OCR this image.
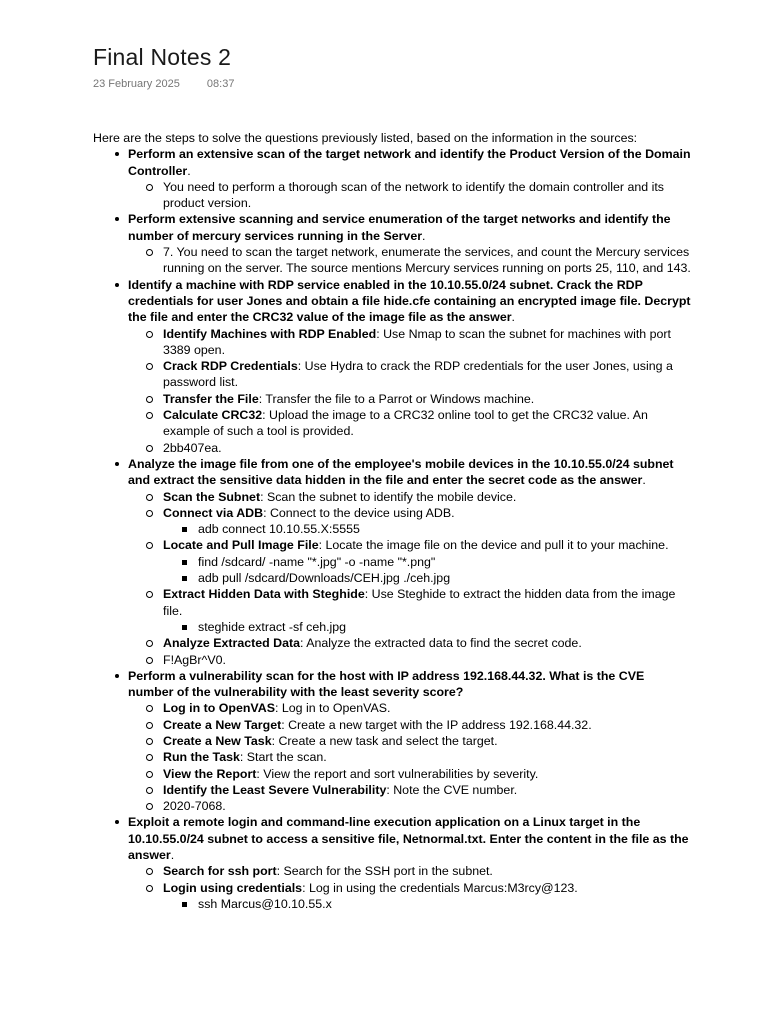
Final Notes 2
23 February 2025 08:37

Here are the steps to solve the questions previously listed, based on the information in the sources:

Perform an extensive scan of the target network and identify the Product Version of the Domain Controller.
You need to perform a thorough scan of the network to identify the domain controller and its product version.
Perform extensive scanning and service enumeration of the target networks and identify the number of mercury services running in the Server.
7. You need to scan the target network, enumerate the services, and count the Mercury services running on the server. The source mentions Mercury services running on ports 25, 110, and 143.
Identify a machine with RDP service enabled in the 10.10.55.0/24 subnet. Crack the RDP credentials for user Jones and obtain a file hide.cfe containing an encrypted image file. Decrypt the file and enter the CRC32 value of the image file as the answer.
Identify Machines with RDP Enabled: Use Nmap to scan the subnet for machines with port 3389 open.
Crack RDP Credentials: Use Hydra to crack the RDP credentials for the user Jones, using a password list.
Transfer the File: Transfer the file to a Parrot or Windows machine.
Calculate CRC32: Upload the image to a CRC32 online tool to get the CRC32 value. An example of such a tool is provided.
2bb407ea.
Analyze the image file from one of the employee's mobile devices in the 10.10.55.0/24 subnet and extract the sensitive data hidden in the file and enter the secret code as the answer.
Scan the Subnet: Scan the subnet to identify the mobile device.
Connect via ADB: Connect to the device using ADB.
adb connect 10.10.55.X:5555
Locate and Pull Image File: Locate the image file on the device and pull it to your machine.
find /sdcard/ -name "*.jpg" -o -name "*.png"
adb pull /sdcard/Downloads/CEH.jpg ./ceh.jpg
Extract Hidden Data with Steghide: Use Steghide to extract the hidden data from the image file.
steghide extract -sf ceh.jpg
Analyze Extracted Data: Analyze the extracted data to find the secret code.
F!AgBr^V0.
Perform a vulnerability scan for the host with IP address 192.168.44.32. What is the CVE number of the vulnerability with the least severity score?
Log in to OpenVAS: Log in to OpenVAS.
Create a New Target: Create a new target with the IP address 192.168.44.32.
Create a New Task: Create a new task and select the target.
Run the Task: Start the scan.
View the Report: View the report and sort vulnerabilities by severity.
Identify the Least Severe Vulnerability: Note the CVE number.
2020-7068.
Exploit a remote login and command-line execution application on a Linux target in the 10.10.55.0/24 subnet to access a sensitive file, Netnormal.txt. Enter the content in the file as the answer.
Search for ssh port: Search for the SSH port in the subnet.
Login using credentials: Log in using the credentials Marcus:M3rcy@123.
ssh Marcus@10.10.55.x
